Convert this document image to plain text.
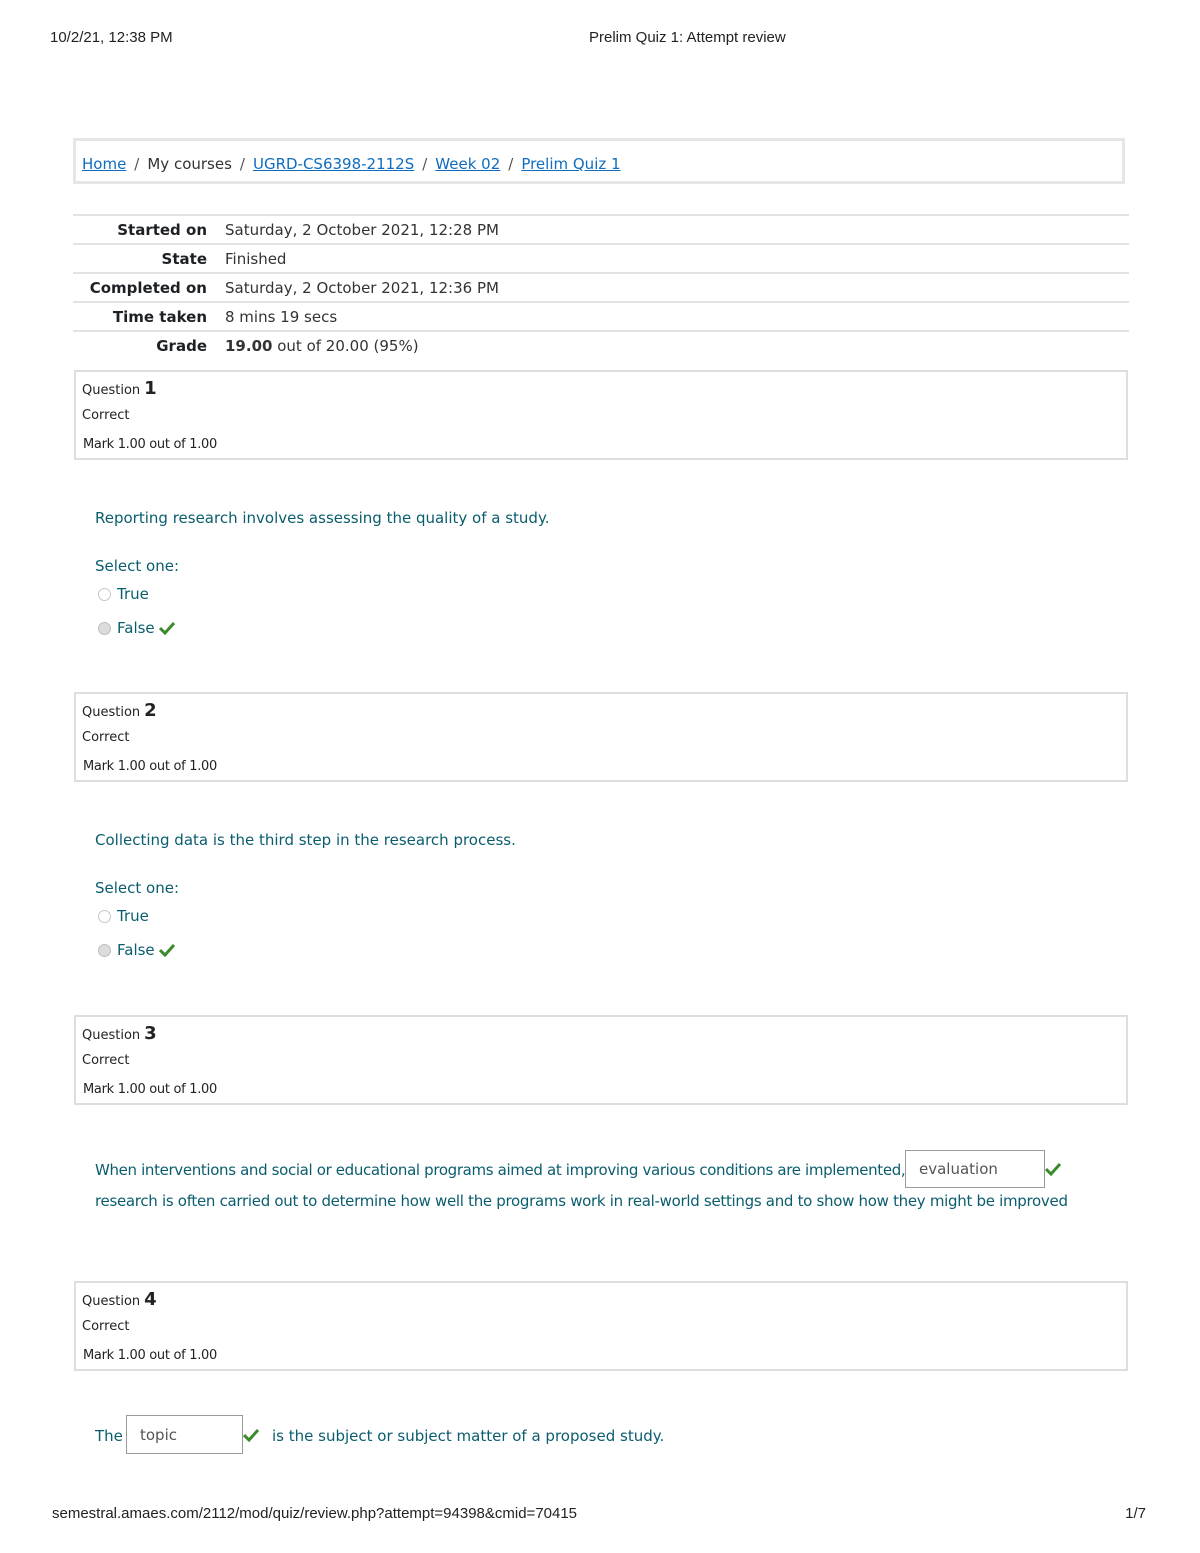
10/2/21, 12:38 PM	Prelim Quiz 1: Attempt review
Home / My courses / UGRD-CS6398-2112S / Week 02 / Prelim Quiz 1
Started on	Saturday, 2 October 2021, 12:28 PM
State	Finished
Completed on	Saturday, 2 October 2021, 12:36 PM
Time taken	8 mins 19 secs
Grade	19.00 out of 20.00 (95%)
Question 1
Correct
Mark 1.00 out of 1.00
Reporting research involves assessing the quality of a study.
Select one:
True
False
Question 2
Correct
Mark 1.00 out of 1.00
Collecting data is the third step in the research process.
Select one:
True
False
Question 3
Correct
Mark 1.00 out of 1.00
When interventions and social or educational programs aimed at improving various conditions are implemented, evaluation
research is often carried out to determine how well the programs work in real-world settings and to show how they might be improved
Question 4
Correct
Mark 1.00 out of 1.00
The	topic	is the subject or subject matter of a proposed study.
semestral.amaes.com/2112/mod/quiz/review.php?attempt=94398&cmid=70415	1/7
